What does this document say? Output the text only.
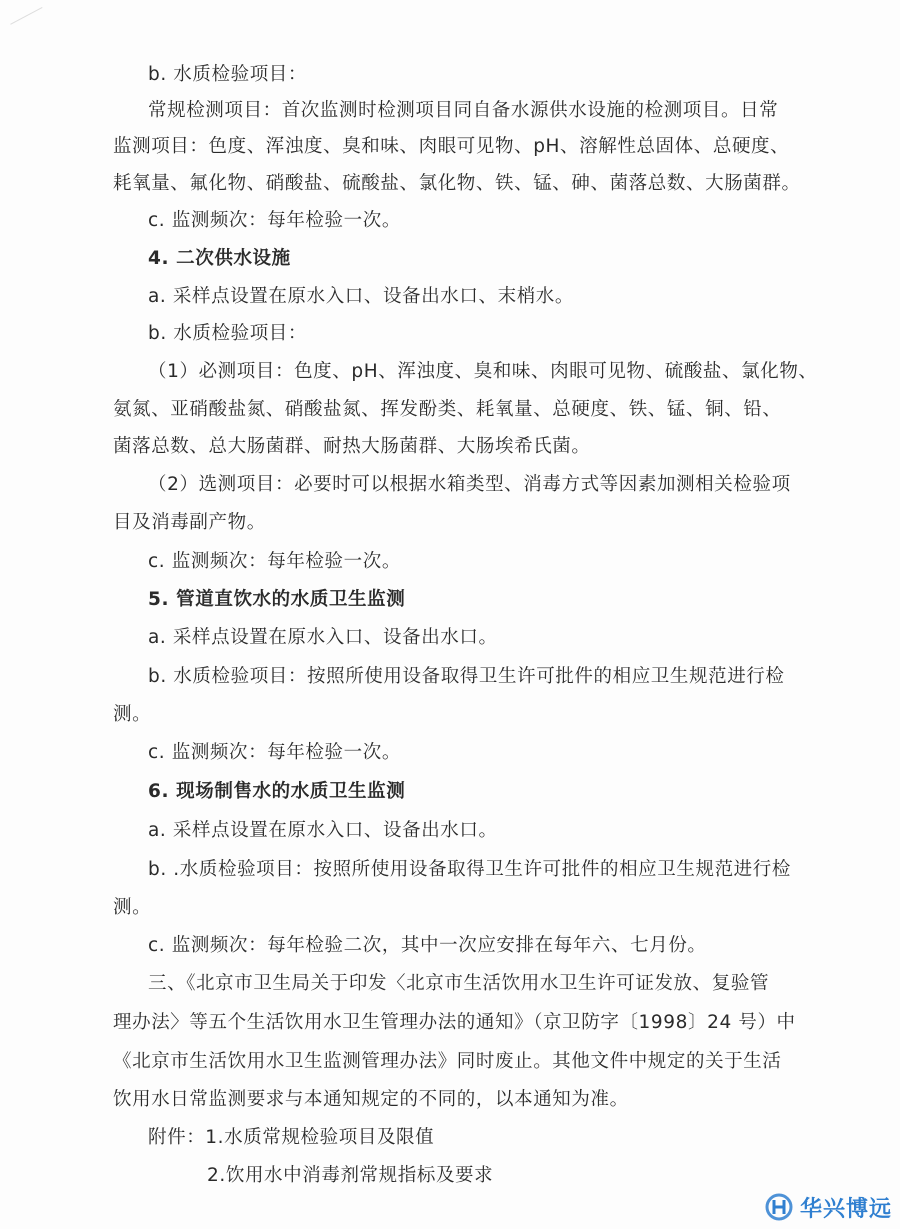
b. 水质检验项目：
常规检测项目：首次监测时检测项目同自备水源供水设施的检测项目。日常
监测项目：色度、浑浊度、臭和味、肉眼可见物、pH、溶解性总固体、总硬度、
耗氧量、氟化物、硝酸盐、硫酸盐、氯化物、铁、锰、砷、菌落总数、大肠菌群。
c. 监测频次：每年检验一次。
4. 二次供水设施
a. 采样点设置在原水入口、设备出水口、末梢水。
b. 水质检验项目：
（1）必测项目：色度、pH、浑浊度、臭和味、肉眼可见物、硫酸盐、氯化物、
氨氮、亚硝酸盐氮、硝酸盐氮、挥发酚类、耗氧量、总硬度、铁、锰、铜、铅、
菌落总数、总大肠菌群、耐热大肠菌群、大肠埃希氏菌。
（2）选测项目：必要时可以根据水箱类型、消毒方式等因素加测相关检验项
目及消毒副产物。
c. 监测频次：每年检验一次。
5. 管道直饮水的水质卫生监测
a. 采样点设置在原水入口、设备出水口。
b. 水质检验项目：按照所使用设备取得卫生许可批件的相应卫生规范进行检
测。
c. 监测频次：每年检验一次。
6. 现场制售水的水质卫生监测
a. 采样点设置在原水入口、设备出水口。
b. .水质检验项目：按照所使用设备取得卫生许可批件的相应卫生规范进行检
测。
c. 监测频次：每年检验二次，其中一次应安排在每年六、七月份。
三、《北京市卫生局关于印发〈北京市生活饮用水卫生许可证发放、复验管
理办法〉等五个生活饮用水卫生管理办法的通知》（京卫防字〔1998〕24 号）中
《北京市生活饮用水卫生监测管理办法》同时废止。其他文件中规定的关于生活
饮用水日常监测要求与本通知规定的不同的，以本通知为准。
附件：1.水质常规检验项目及限值
2.饮用水中消毒剂常规指标及要求
华兴博远
